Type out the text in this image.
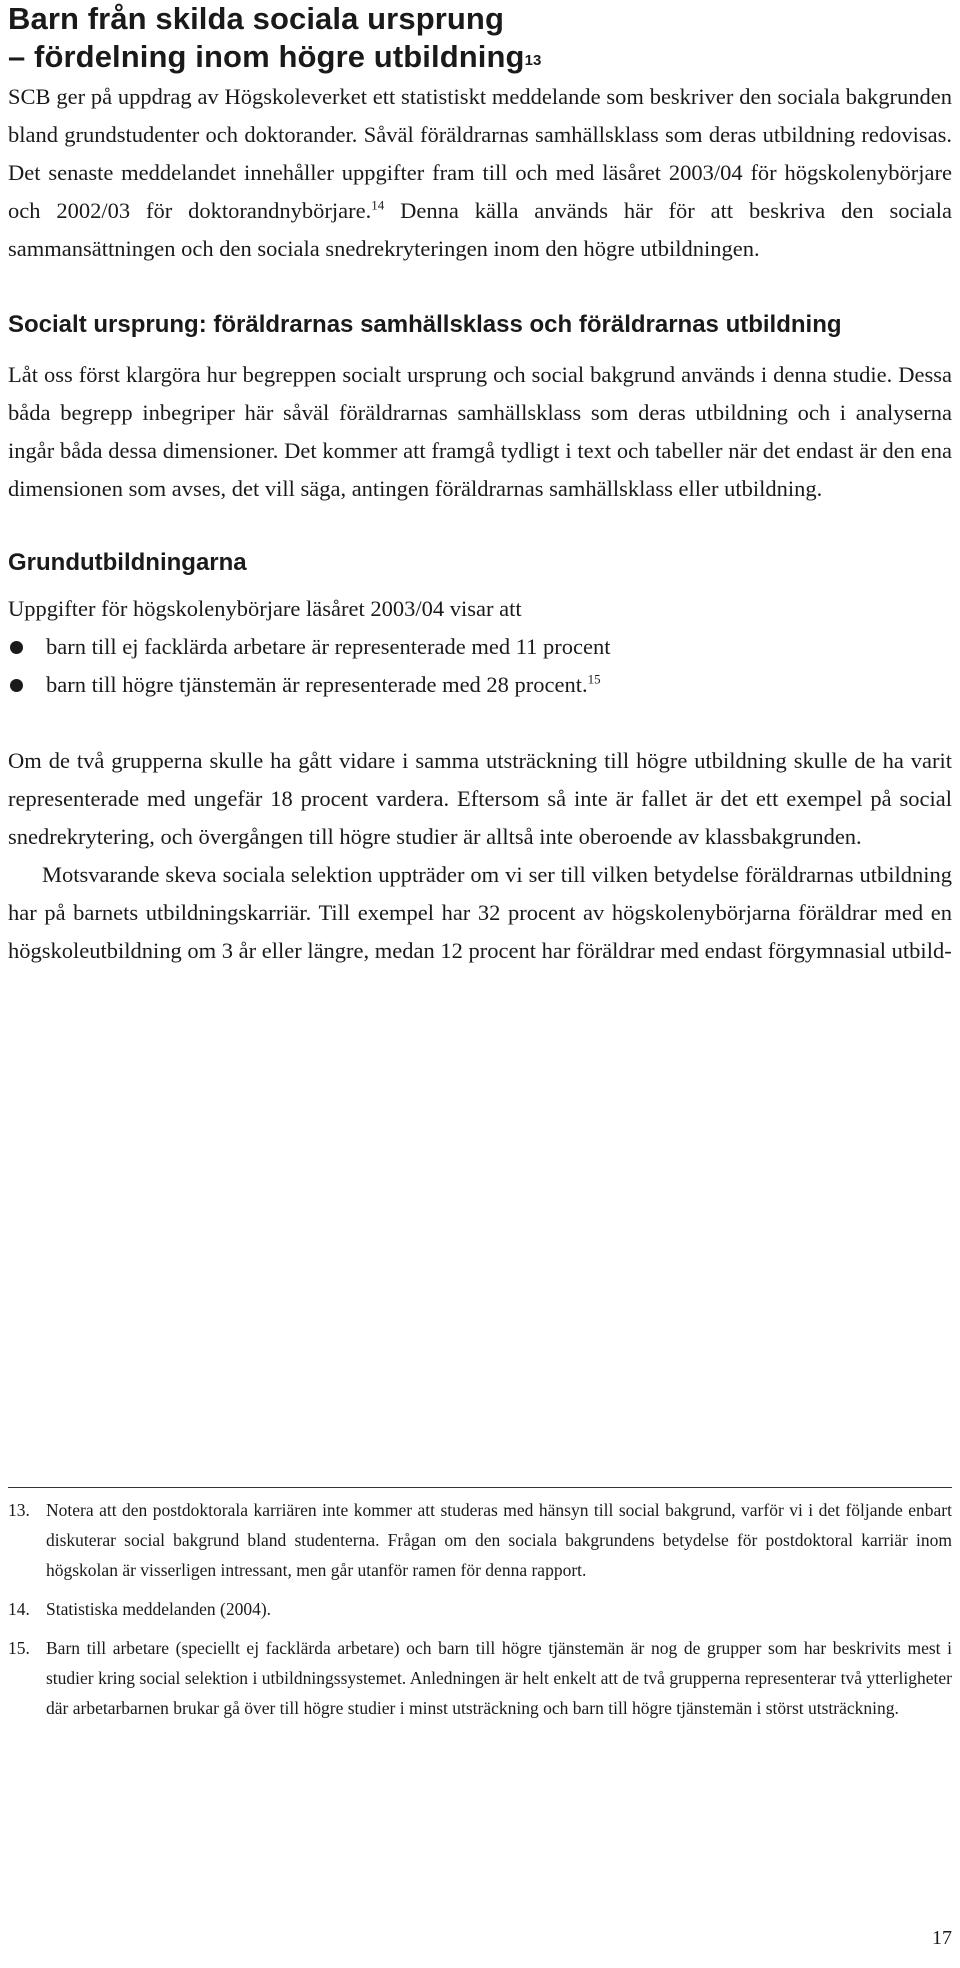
Barn från skilda sociala ursprung
– fördelning inom högre utbildning$^{13}$

SCB ger på uppdrag av Högskoleverket ett statistiskt meddelande som beskriver den sociala bakgrunden bland grundstudenter och doktorander. Såväl föräldrarnas samhällsklass som deras utbildning redovisas. Det senaste meddelandet innehåller uppgifter fram till och med läsåret 2003/04 för högskolenybörjare och 2002/03 för doktorandnybörjare.$^{14}$ Denna källa används här för att beskriva den sociala sammansättningen och den sociala snedrekryteringen inom den högre utbildningen.

Socialt ursprung: föräldrarnas samhällsklass och föräldrarnas utbildning

Låt oss först klargöra hur begreppen socialt ursprung och social bakgrund används i denna studie. Dessa båda begrepp inbegriper här såväl föräldrarnas samhällsklass som deras utbildning och i analyserna ingår båda dessa dimensioner. Det kommer att framgå tydligt i text och tabeller när det endast är den ena dimensionen som avses, det vill säga, antingen föräldrarnas samhällsklass eller utbildning.

Grundutbildningarna

Uppgifter för högskolenybörjare läsåret 2003/04 visar att

barn till ej facklärda arbetare är representerade med 11 procent
barn till högre tjänstemän är representerade med 28 procent.$^{15}$

Om de två grupperna skulle ha gått vidare i samma utsträckning till högre utbildning skulle de ha varit representerade med ungefär 18 procent vardera. Eftersom så inte är fallet är det ett exempel på social snedrekrytering, och övergången till högre studier är alltså inte oberoende av klassbakgrunden.

Motsvarande skeva sociala selektion uppträder om vi ser till vilken betydelse föräldrarnas utbildning har på barnets utbildningskarriär. Till exempel har 32 procent av högskolenybörjarna föräldrar med en högskoleutbildning om 3 år eller längre, medan 12 procent har föräldrar med endast förgymnasial utbild-

13. Notera att den postdoktorala karriären inte kommer att studeras med hänsyn till social bakgrund, varför vi i det följande enbart diskuterar social bakgrund bland studenterna. Frågan om den sociala bakgrundens betydelse för postdoktoral karriär inom högskolan är visserligen intressant, men går utanför ramen för denna rapport.
14. Statistiska meddelanden (2004).
15. Barn till arbetare (speciellt ej facklärda arbetare) och barn till högre tjänstemän är nog de grupper som har beskrivits mest i studier kring social selektion i utbildningssystemet. Anledningen är helt enkelt att de två grupperna representerar två ytterligheter där arbetarbarnen brukar gå över till högre studier i minst utsträckning och barn till högre tjänstemän i störst utsträckning.
17
